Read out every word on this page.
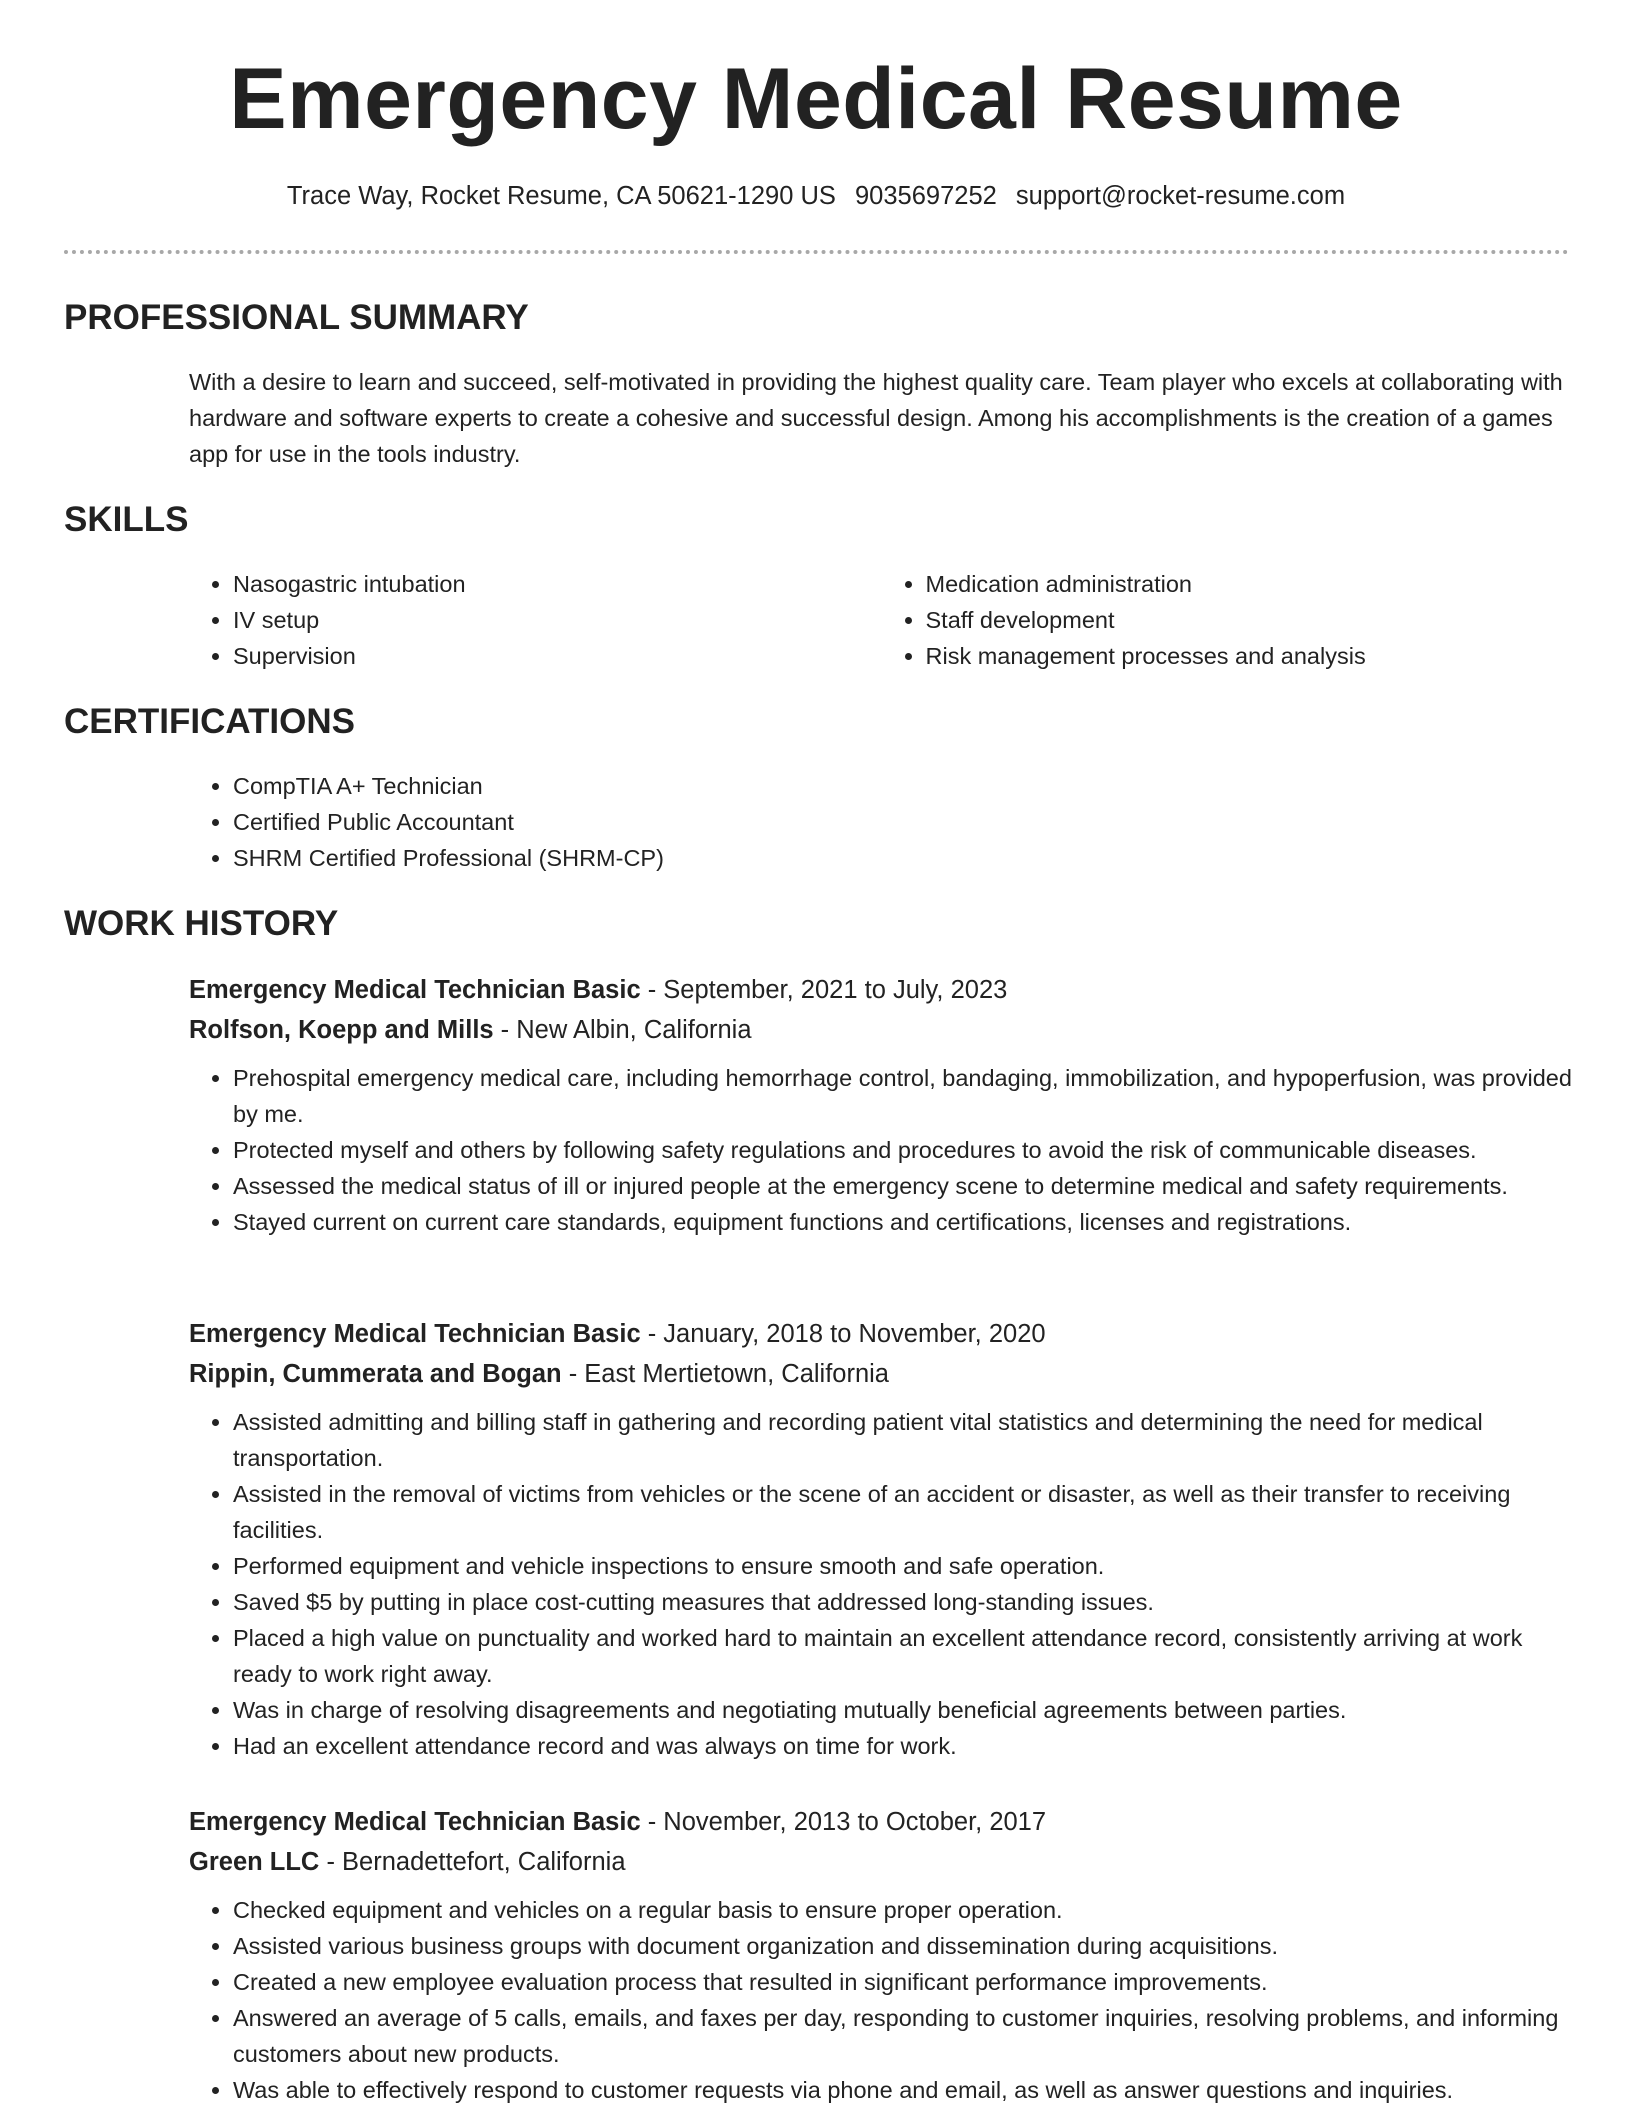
Emergency Medical Resume
Trace Way, Rocket Resume, CA 50621-1290 US 9035697252 support@rocket-resume.com
PROFESSIONAL SUMMARY

With a desire to learn and succeed, self-motivated in providing the highest quality care. Team player who excels at collaborating with hardware and software experts to create a cohesive and successful design. Among his accomplishments is the creation of a games app for use in the tools industry.

SKILLS
• Nasogastric intubation
• IV setup
• Supervision
• Medication administration
• Staff development
• Risk management processes and analysis
CERTIFICATIONS
• CompTIA A+ Technician
• Certified Public Accountant
• SHRM Certified Professional (SHRM-CP)
WORK HISTORY
Emergency Medical Technician Basic - September, 2021 to July, 2023
Rolfson, Koepp and Mills - New Albin, California
• Prehospital emergency medical care, including hemorrhage control, bandaging, immobilization, and hypoperfusion, was provided by me.
• Protected myself and others by following safety regulations and procedures to avoid the risk of communicable diseases.
• Assessed the medical status of ill or injured people at the emergency scene to determine medical and safety requirements.
• Stayed current on current care standards, equipment functions and certifications, licenses and registrations.
Emergency Medical Technician Basic - January, 2018 to November, 2020
Rippin, Cummerata and Bogan - East Mertietown, California
• Assisted admitting and billing staff in gathering and recording patient vital statistics and determining the need for medical transportation.
• Assisted in the removal of victims from vehicles or the scene of an accident or disaster, as well as their transfer to receiving facilities.
• Performed equipment and vehicle inspections to ensure smooth and safe operation.
• Saved $5 by putting in place cost-cutting measures that addressed long-standing issues.
• Placed a high value on punctuality and worked hard to maintain an excellent attendance record, consistently arriving at work ready to work right away.
• Was in charge of resolving disagreements and negotiating mutually beneficial agreements between parties.
• Had an excellent attendance record and was always on time for work.
Emergency Medical Technician Basic - November, 2013 to October, 2017
Green LLC - Bernadettefort, California
• Checked equipment and vehicles on a regular basis to ensure proper operation.
• Assisted various business groups with document organization and dissemination during acquisitions.
• Created a new employee evaluation process that resulted in significant performance improvements.
• Answered an average of 5 calls, emails, and faxes per day, responding to customer inquiries, resolving problems, and informing customers about new products.
• Was able to effectively respond to customer requests via phone and email, as well as answer questions and inquiries.
